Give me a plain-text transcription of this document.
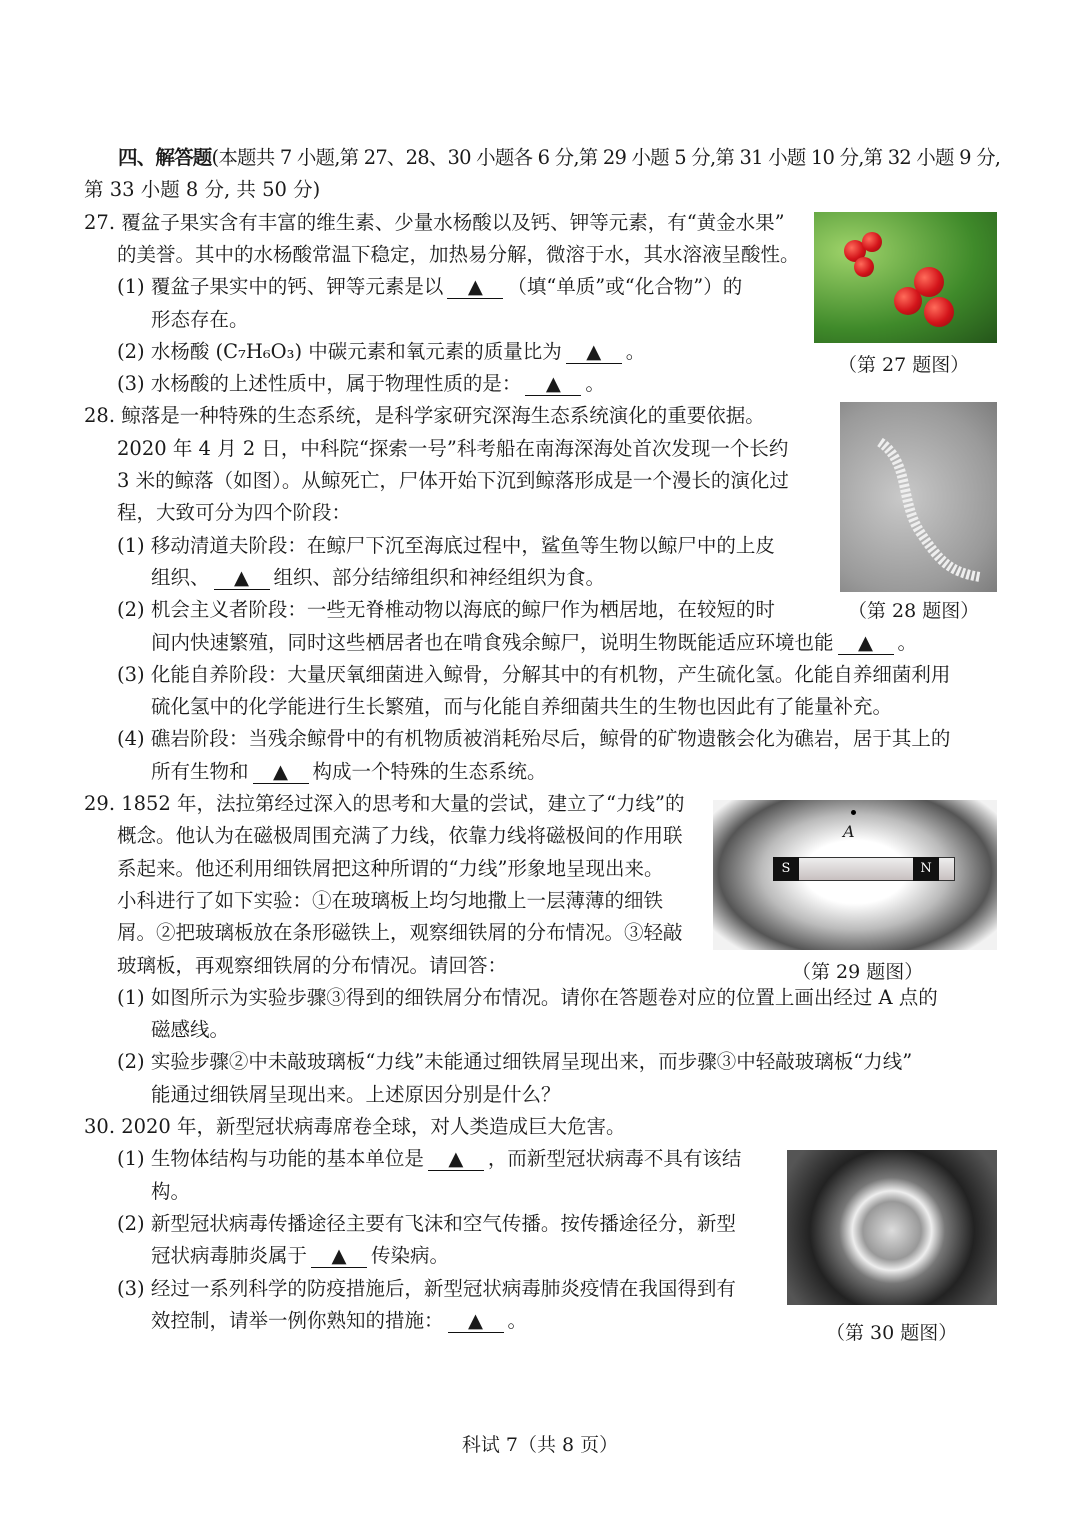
四、解答题(本题共 7 小题,第 27、28、30 小题各 6 分,第 29 小题 5 分,第 31 小题 10 分,第 32 小题 9 分,
第 33 小题 8 分, 共 50 分)
27. 覆盆子果实含有丰富的维生素、少量水杨酸以及钙、钾等元素，有“黄金水果”
的美誉。其中的水杨酸常温下稳定，加热易分解，微溶于水，其水溶液呈酸性。
(1) 覆盆子果实中的钙、钾等元素是以 ▲ （填“单质”或“化合物”）的
形态存在。
(2) 水杨酸 (C₇H₆O₃) 中碳元素和氧元素的质量比为 ▲ 。
(3) 水杨酸的上述性质中，属于物理性质的是： ▲ 。
28. 鲸落是一种特殊的生态系统，是科学家研究深海生态系统演化的重要依据。
2020 年 4 月 2 日，中科院“探索一号”科考船在南海深海处首次发现一个长约
3 米的鲸落（如图）。从鲸死亡，尸体开始下沉到鲸落形成是一个漫长的演化过
程，大致可分为四个阶段：
(1) 移动清道夫阶段：在鲸尸下沉至海底过程中，鲨鱼等生物以鲸尸中的上皮
组织、 ▲ 组织、部分结缔组织和神经组织为食。
(2) 机会主义者阶段：一些无脊椎动物以海底的鲸尸作为栖居地，在较短的时
间内快速繁殖，同时这些栖居者也在啃食残余鲸尸，说明生物既能适应环境也能 ▲ 。
(3) 化能自养阶段：大量厌氧细菌进入鲸骨，分解其中的有机物，产生硫化氢。化能自养细菌利用
硫化氢中的化学能进行生长繁殖，而与化能自养细菌共生的生物也因此有了能量补充。
(4) 礁岩阶段：当残余鲸骨中的有机物质被消耗殆尽后，鲸骨的矿物遗骸会化为礁岩，居于其上的
所有生物和 ▲ 构成一个特殊的生态系统。
29. 1852 年，法拉第经过深入的思考和大量的尝试，建立了“力线”的
概念。他认为在磁极周围充满了力线，依靠力线将磁极间的作用联
系起来。他还利用细铁屑把这种所谓的“力线”形象地呈现出来。
小科进行了如下实验：①在玻璃板上均匀地撒上一层薄薄的细铁
屑。②把玻璃板放在条形磁铁上，观察细铁屑的分布情况。③轻敲
玻璃板，再观察细铁屑的分布情况。请回答：
(1) 如图所示为实验步骤③得到的细铁屑分布情况。请你在答题卷对应的位置上画出经过 A 点的
磁感线。
(2) 实验步骤②中未敲玻璃板“力线”未能通过细铁屑呈现出来，而步骤③中轻敲玻璃板“力线”
能通过细铁屑呈现出来。上述原因分别是什么？
30. 2020 年，新型冠状病毒席卷全球，对人类造成巨大危害。
(1) 生物体结构与功能的基本单位是 ▲ ，而新型冠状病毒不具有该结
构。
(2) 新型冠状病毒传播途径主要有飞沫和空气传播。按传播途径分，新型
冠状病毒肺炎属于 ▲ 传染病。
(3) 经过一系列科学的防疫措施后，新型冠状病毒肺炎疫情在我国得到有
效控制，请举一例你熟知的措施： ▲ 。
（第 27 题图）
（第 28 题图）
S	N
A
（第 29 题图）
（第 30 题图）
科试 7（共 8 页）
